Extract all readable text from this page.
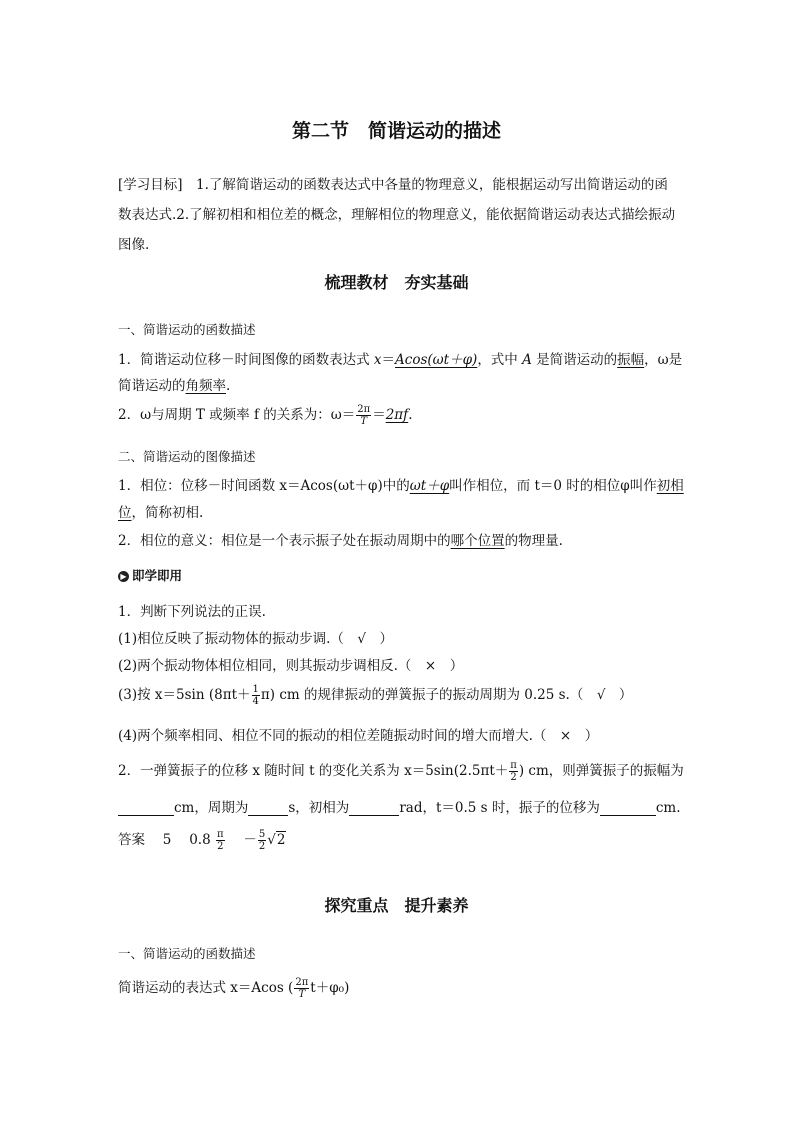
第二节　简谐运动的描述
[学习目标]　1.了解简谐运动的函数表达式中各量的物理意义，能根据运动写出简谐运动的函数表达式.2.了解初相和相位差的概念，理解相位的物理意义，能依据简谐运动表达式描绘振动图像.
梳理教材　夯实基础
一、简谐运动的函数描述
1．简谐运动位移－时间图像的函数表达式 x＝Acos(ωt＋φ)，式中 A 是简谐运动的振幅，ω是
简谐运动的角频率.
2．ω与周期 T 或频率 f 的关系为：$\omega= \frac{2\pi}{T} =2\pi f$.
二、简谐运动的图像描述
1．相位：位移－时间函数 x＝Acos(ωt＋φ)中的ωt＋φ叫作相位，而 t＝0 时的相位φ叫作初相
位，简称初相.
2．相位的意义：相位是一个表示振子处在振动周期中的哪个位置的物理量.
▶ 即学即用
1．判断下列说法的正误.
(1)相位反映了振动物体的振动步调.（　√　）
(2)两个振动物体相位相同，则其振动步调相反.（　×　）
(3)按 x＝5sin $(8\pi t+ \frac{1}{4} \pi)$ cm 的规律振动的弹簧振子的振动周期为 0.25 s.（　√　）
(4)两个频率相同、相位不同的振动的相位差随振动时间的增大而增大.（　×　）
2．一弹簧振子的位移 x 随时间 t 的变化关系为 $x=5\sin(2.5\pi t+ \frac{\pi}{2}$ ) cm，则弹簧振子的振幅为
cm，周期为	s，初相为	rad，t＝0.5 s 时，振子的位移为	cm.
答案　 5　 $0.8 \frac{\pi}{2}$
　 － $\frac{5}{2} √2$
探究重点　提升素养
一、简谐运动的函数描述
简谐运动的表达式 x＝Acos ( $\frac{2\pi}{T} t+\varphi_0$)
